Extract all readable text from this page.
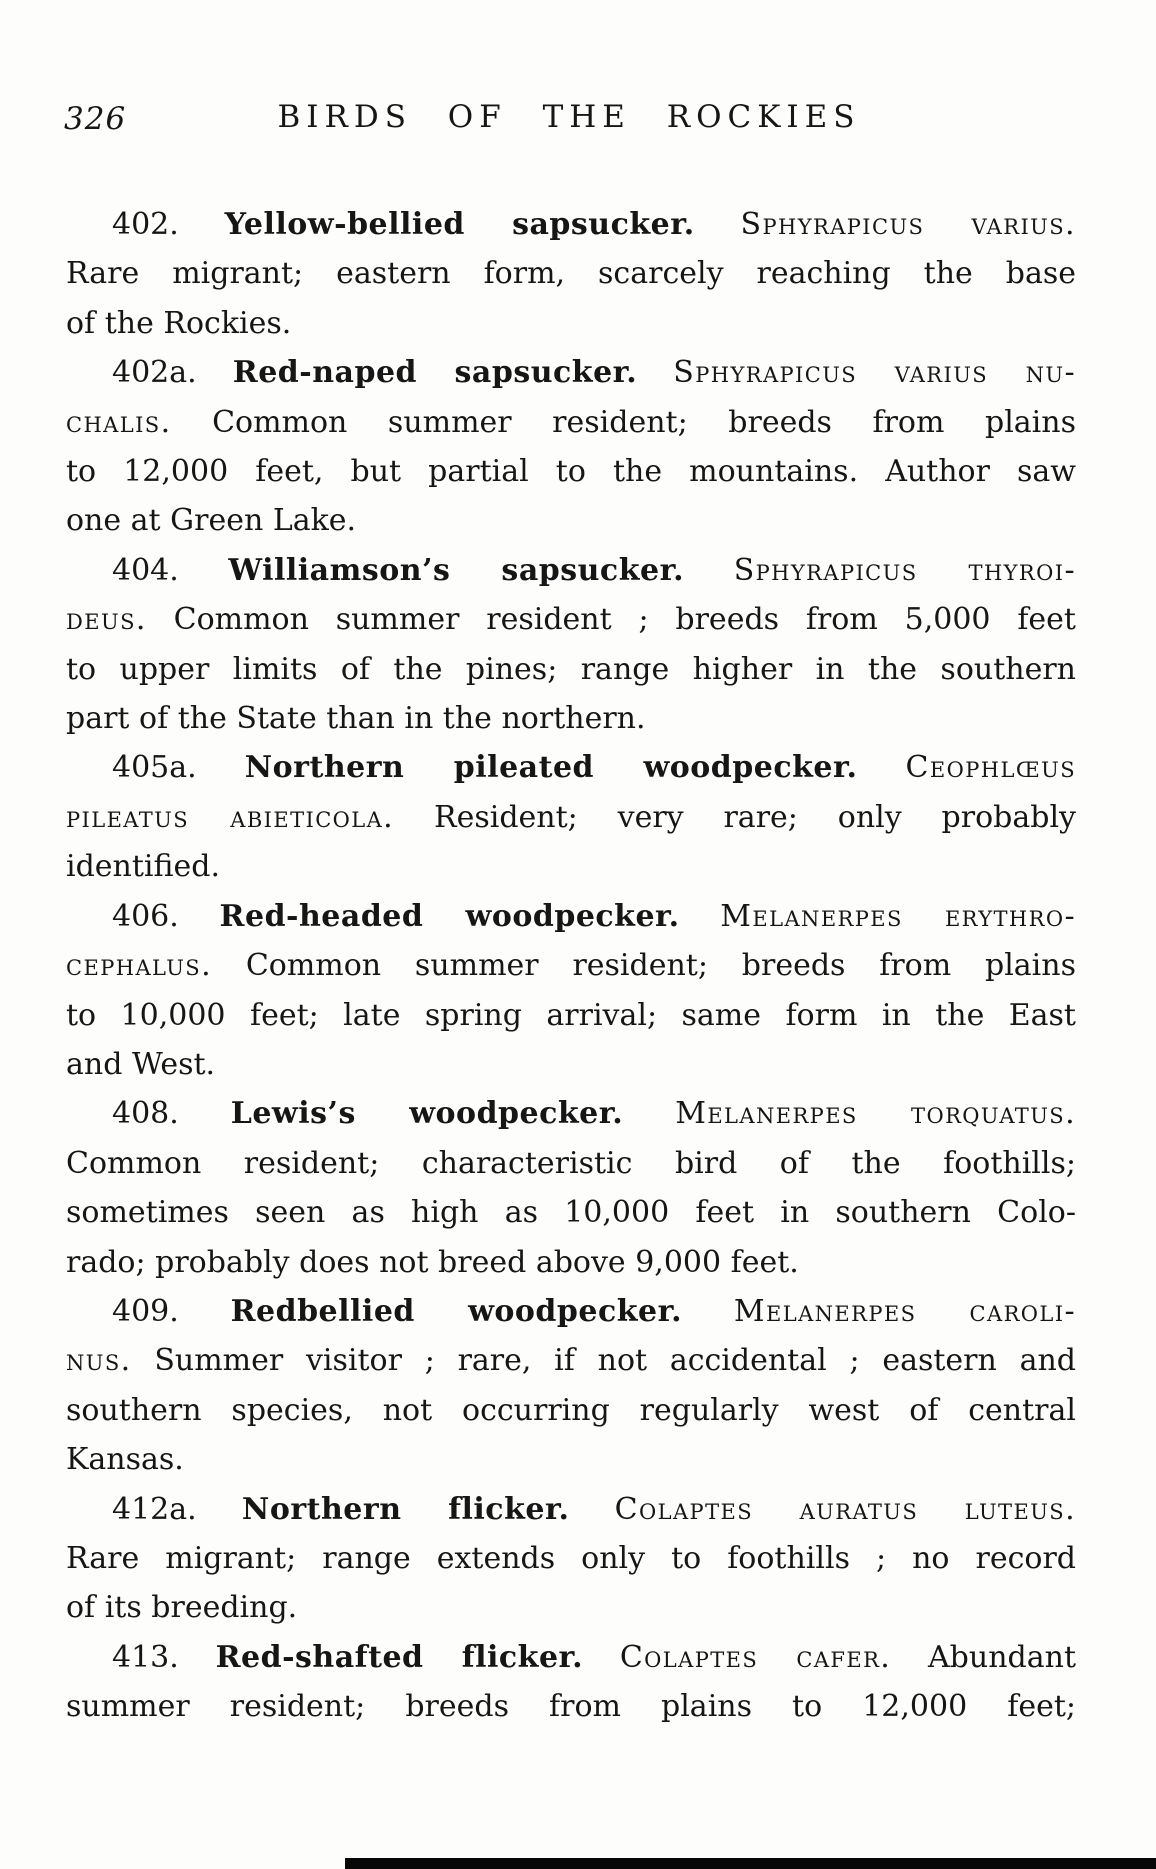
326	BIRDS OF THE ROCKIES
402. Yellow-bellied sapsucker. Sphyrapicus varius.
Rare migrant; eastern form, scarcely reaching the base
of the Rockies.
402a. Red-naped sapsucker. Sphyrapicus varius nu-
chalis. Common summer resident; breeds from plains
to 12,000 feet, but partial to the mountains. Author saw
one at Green Lake.
404. Williamson’s sapsucker. Sphyrapicus thyroi-
deus. Common summer resident ; breeds from 5,000 feet
to upper limits of the pines; range higher in the southern
part of the State than in the northern.
405a. Northern pileated woodpecker. Ceophlœus
pileatus abieticola. Resident; very rare; only probably
identified.
406. Red-headed woodpecker. Melanerpes erythro-
cephalus. Common summer resident; breeds from plains
to 10,000 feet; late spring arrival; same form in the East
and West.
408. Lewis’s woodpecker. Melanerpes torquatus.
Common resident; characteristic bird of the foothills;
sometimes seen as high as 10,000 feet in southern Colo-
rado; probably does not breed above 9,000 feet.
409. Redbellied woodpecker. Melanerpes caroli-
nus. Summer visitor ; rare, if not accidental ; eastern and
southern species, not occurring regularly west of central
Kansas.
412a. Northern flicker. Colaptes auratus luteus.
Rare migrant; range extends only to foothills ; no record
of its breeding.
413. Red-shafted flicker. Colaptes cafer. Abundant
summer resident; breeds from plains to 12,000 feet;
